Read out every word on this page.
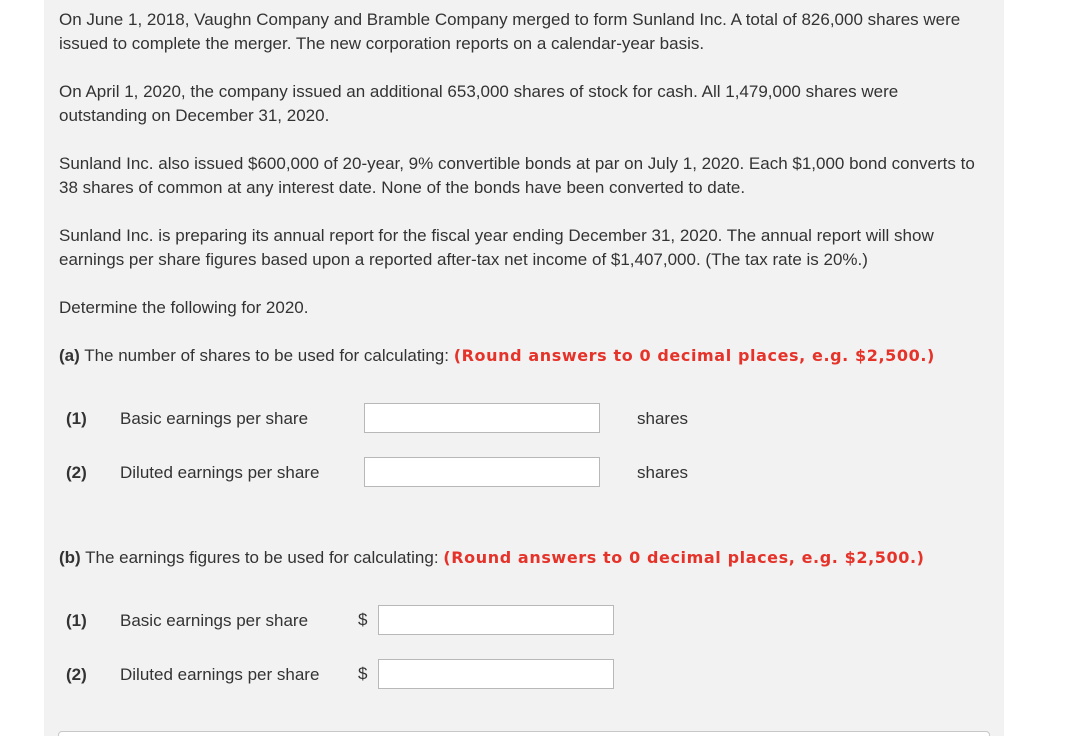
On June 1, 2018, Vaughn Company and Bramble Company merged to form Sunland Inc. A total of 826,000 shares were issued to complete the merger. The new corporation reports on a calendar-year basis.

On April 1, 2020, the company issued an additional 653,000 shares of stock for cash. All 1,479,000 shares were outstanding on December 31, 2020.

Sunland Inc. also issued $600,000 of 20-year, 9% convertible bonds at par on July 1, 2020. Each $1,000 bond converts to 38 shares of common at any interest date. None of the bonds have been converted to date.

Sunland Inc. is preparing its annual report for the fiscal year ending December 31, 2020. The annual report will show earnings per share figures based upon a reported after-tax net income of $1,407,000. (The tax rate is 20%.)

Determine the following for 2020.

(a) The number of shares to be used for calculating: (Round answers to 0 decimal places, e.g. $2,500.)
(1) Basic earnings per share	shares
(2) Diluted earnings per share	shares
(b) The earnings figures to be used for calculating: (Round answers to 0 decimal places, e.g. $2,500.)
(1) Basic earnings per share	$
(2) Diluted earnings per share $
